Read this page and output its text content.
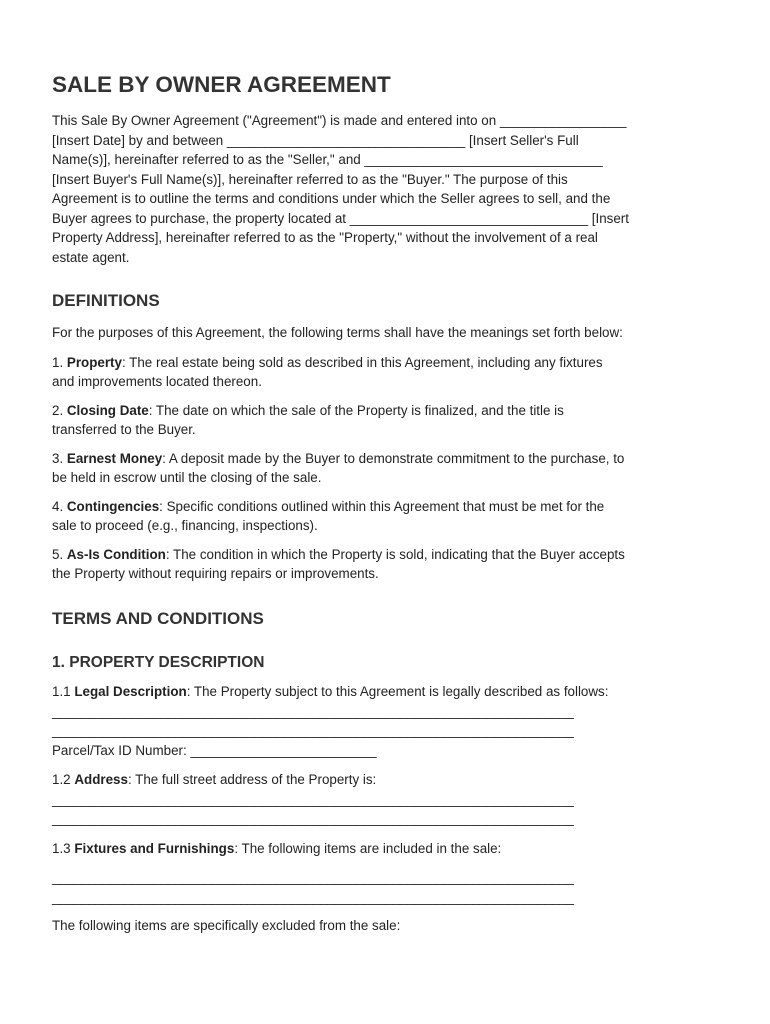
SALE BY OWNER AGREEMENT
This Sale By Owner Agreement ("Agreement") is made and entered into on _________________
[Insert Date] by and between ________________________________ [Insert Seller's Full
Name(s)], hereinafter referred to as the "Seller," and ________________________________
[Insert Buyer's Full Name(s)], hereinafter referred to as the "Buyer." The purpose of this
Agreement is to outline the terms and conditions under which the Seller agrees to sell, and the
Buyer agrees to purchase, the property located at ________________________________ [Insert
Property Address], hereinafter referred to as the "Property," without the involvement of a real
estate agent.
DEFINITIONS

For the purposes of this Agreement, the following terms shall have the meanings set forth below:

1. Property: The real estate being sold as described in this Agreement, including any fixtures
and improvements located thereon.
2. Closing Date: The date on which the sale of the Property is finalized, and the title is
transferred to the Buyer.
3. Earnest Money: A deposit made by the Buyer to demonstrate commitment to the purchase, to
be held in escrow until the closing of the sale.
4. Contingencies: Specific conditions outlined within this Agreement that must be met for the
sale to proceed (e.g., financing, inspections).
5. As-Is Condition: The condition in which the Property is sold, indicating that the Buyer accepts
the Property without requiring repairs or improvements.
TERMS AND CONDITIONS
1. PROPERTY DESCRIPTION
1.1 Legal Description: The Property subject to this Agreement is legally described as follows:
________________________________________________________________________
________________________________________________________________________
Parcel/Tax ID Number: _________________________
1.2 Address: The full street address of the Property is:
________________________________________________________________________
________________________________________________________________________
1.3 Fixtures and Furnishings: The following items are included in the sale:
________________________________________________________________________
________________________________________________________________________
The following items are specifically excluded from the sale:
